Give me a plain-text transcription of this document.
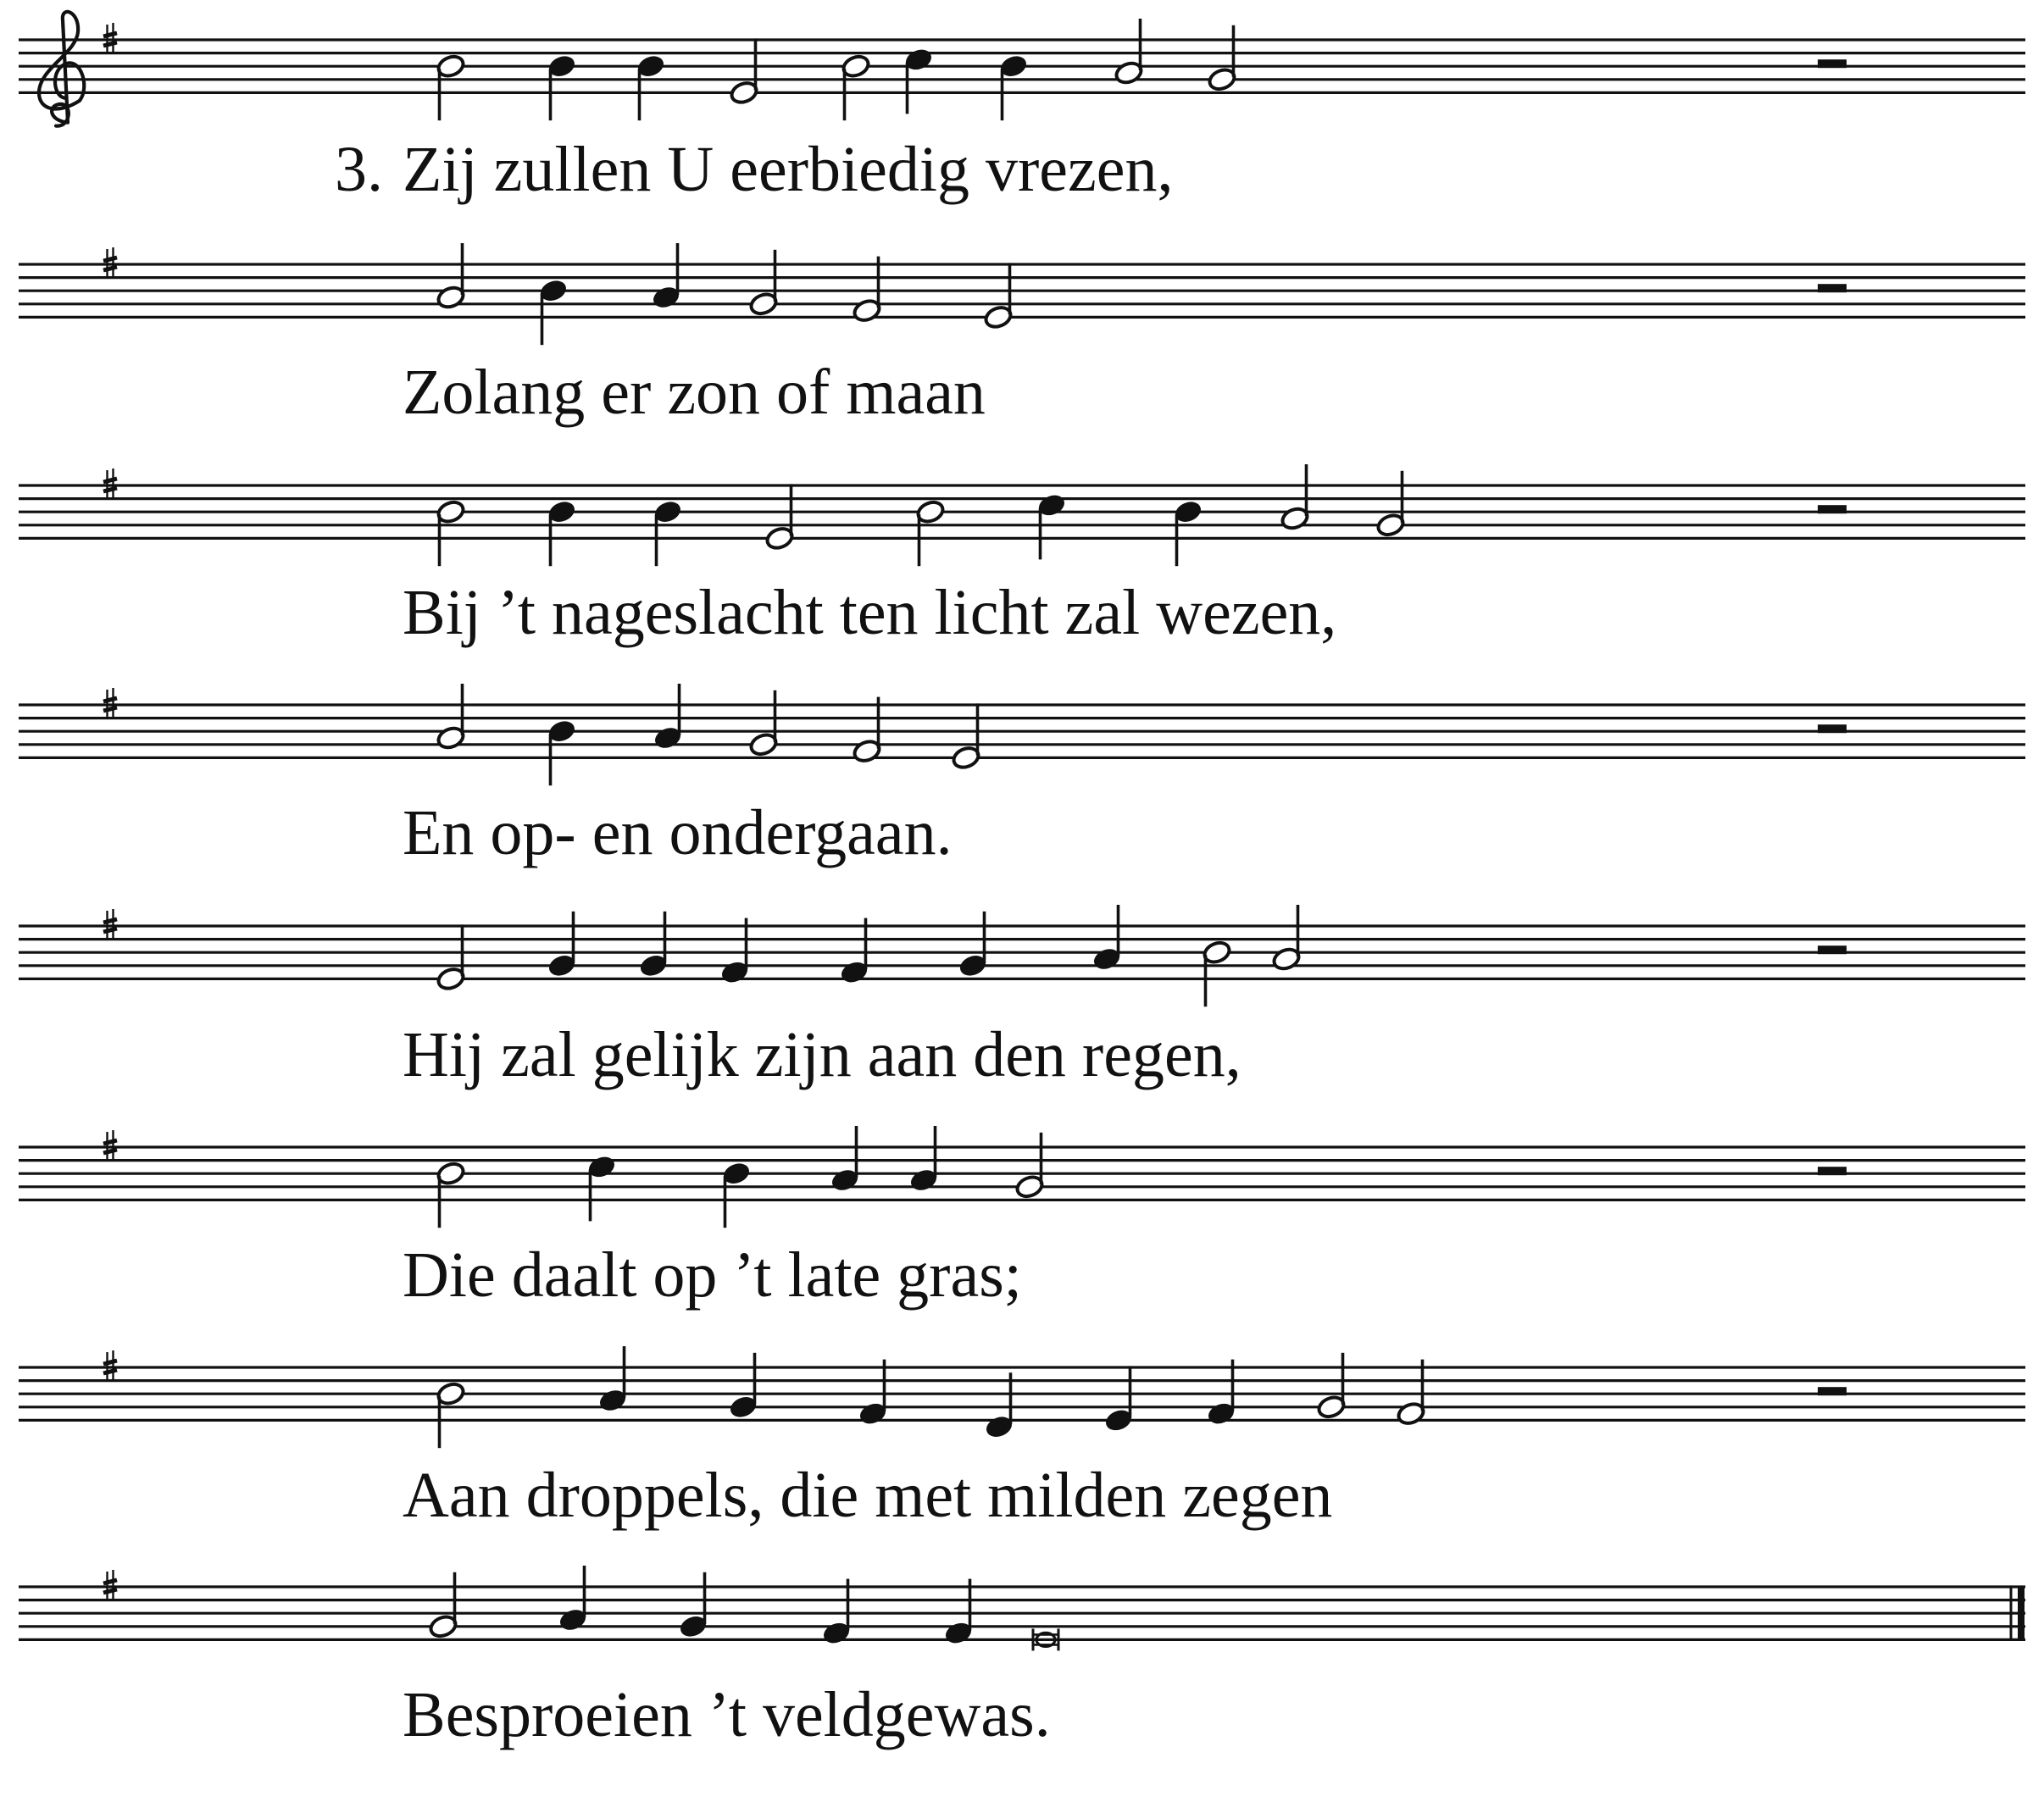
Zij zullen U eerbiedig vrezen,
Zolang er zon of maan
Bij ’t nageslacht ten licht zal wezen,
En op- en ondergaan.
Hij zal gelijk zijn aan den regen,
Die daalt op ’t late gras;
Aan droppels, die met milden zegen
Besproeien ’t veldgewas.
3.
